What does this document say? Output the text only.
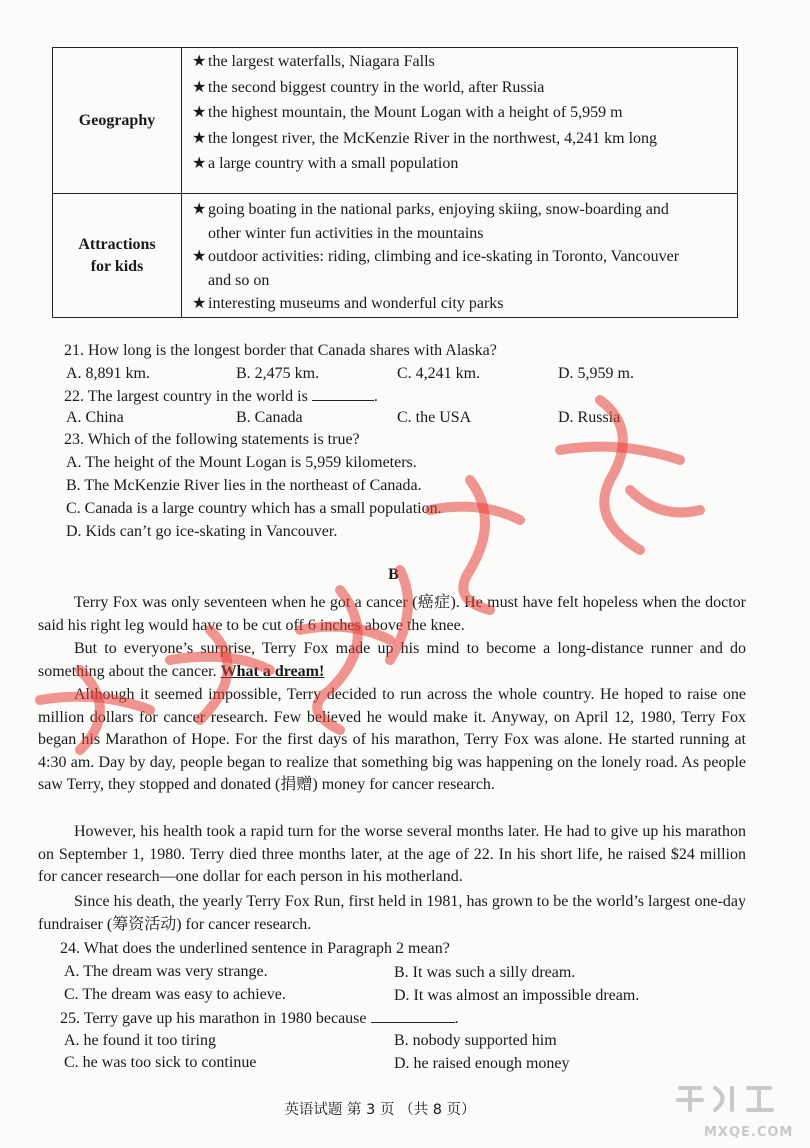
Geography
★ the largest waterfalls, Niagara Falls
★ the second biggest country in the world, after Russia
★ the highest mountain, the Mount Logan with a height of 5,959 m
★ the longest river, the McKenzie River in the northwest, 4,241 km long
★ a large country with a small population
Attractions
for kids
★ going boating in the national parks, enjoying skiing, snow-boarding and
other winter fun activities in the mountains
★ outdoor activities: riding, climbing and ice-skating in Toronto, Vancouver
and so on
★ interesting museums and wonderful city parks
21. How long is the longest border that Canada shares with Alaska?
A. 8,891 km.	B. 2,475 km.	C. 4,241 km.	D. 5,959 m.
22. The largest country in the world is	.
A. China	B. Canada	C. the USA	D. Russia
23. Which of the following statements is true?
A. The height of the Mount Logan is 5,959 kilometers.
B. The McKenzie River lies in the northeast of Canada.
C. Canada is a large country which has a small population.
D. Kids can’t go ice-skating in Vancouver.
B
Terry Fox was only seventeen when he got a cancer (癌症). He must have felt hopeless when the doctor said his right leg would have to be cut off 6 inches above the knee.
But to everyone’s surprise, Terry Fox made up his mind to become a long-distance runner and do something about the cancer. What a dream!
Although it seemed impossible, Terry decided to run across the whole country. He hoped to raise one million dollars for cancer research. Few believed he would make it. Anyway, on April 12, 1980, Terry Fox began his Marathon of Hope. For the first days of his marathon, Terry Fox was alone. He started running at 4:30 am. Day by day, people began to realize that something big was happening on the lonely road. As people saw Terry, they stopped and donated (捐赠) money for cancer research.
However, his health took a rapid turn for the worse several months later. He had to give up his marathon on September 1, 1980. Terry died three months later, at the age of 22. In his short life, he raised $24 million for cancer research—one dollar for each person in his motherland.
Since his death, the yearly Terry Fox Run, first held in 1981, has grown to be the world’s largest one-day fundraiser (筹资活动) for cancer research.
24. What does the underlined sentence in Paragraph 2 mean?
A. The dream was very strange.	B. It was such a silly dream.
C. The dream was easy to achieve.	D. It was almost an impossible dream.
25. Terry gave up his marathon in 1980 because	.
A. he found it too tiring	B. nobody supported him
C. he was too sick to continue	D. he raised enough money
英语试题 第 3 页 （共 8 页）
MXQE.COM
